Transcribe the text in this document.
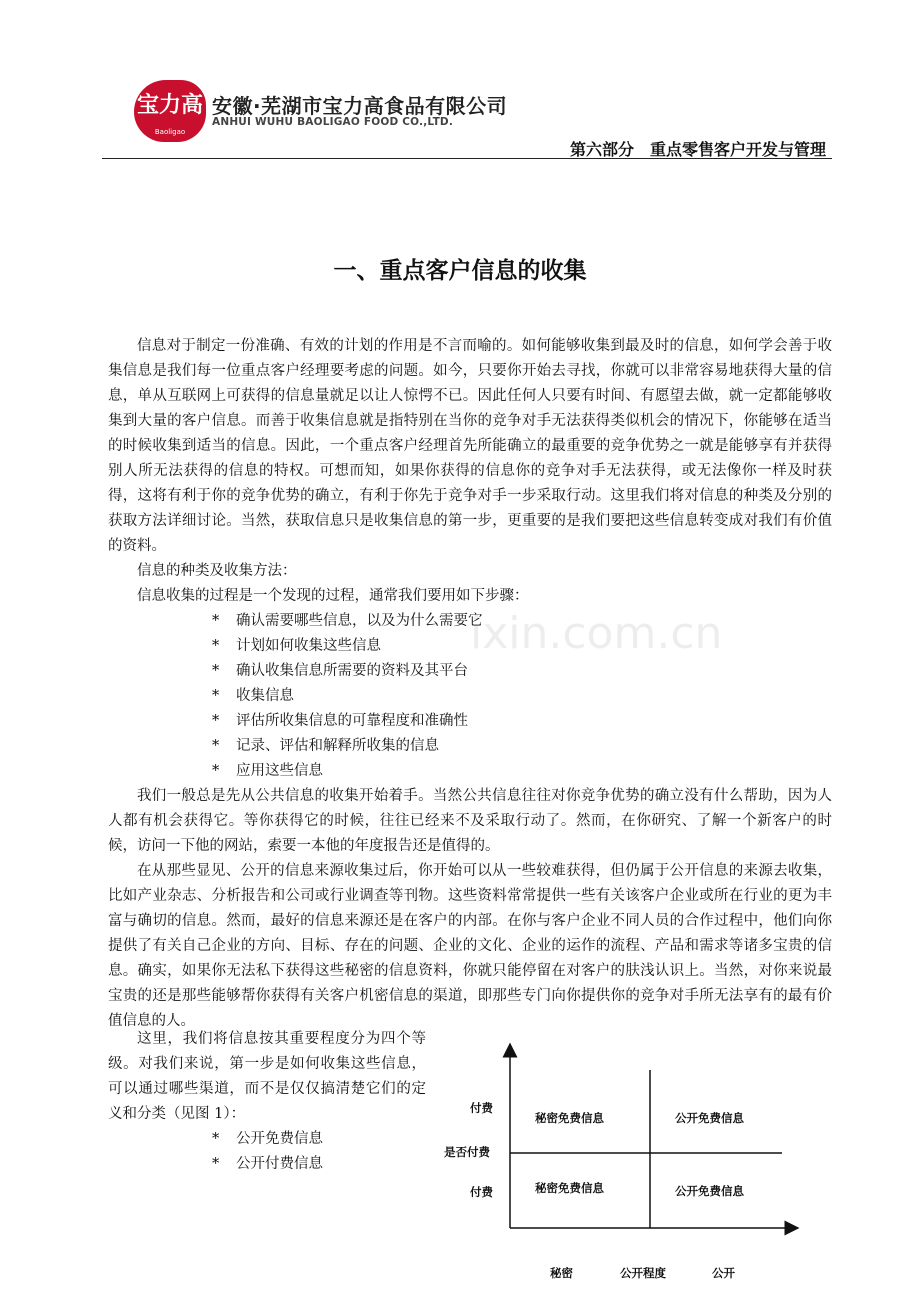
宝力高
Baoligao
安徽·芜湖市宝力高食品有限公司
ANHUI WUHU BAOLIGAO FOOD CO.,LTD.
第六部分　重点零售客户开发与管理
一、重点客户信息的收集
ixin.com.cn

信息对于制定一份准确、有效的计划的作用是不言而喻的。如何能够收集到最及时的信息，如何学会善于收集信息是我们每一位重点客户经理要考虑的问题。如今，只要你开始去寻找，你就可以非常容易地获得大量的信息，单从互联网上可获得的信息量就足以让人惊愕不已。因此任何人只要有时间、有愿望去做，就一定都能够收集到大量的客户信息。而善于收集信息就是指特别在当你的竞争对手无法获得类似机会的情况下，你能够在适当的时候收集到适当的信息。因此，一个重点客户经理首先所能确立的最重要的竞争优势之一就是能够享有并获得别人所无法获得的信息的特权。可想而知，如果你获得的信息你的竞争对手无法获得，或无法像你一样及时获得，这将有利于你的竞争优势的确立，有利于你先于竞争对手一步采取行动。这里我们将对信息的种类及分别的获取方法详细讨论。当然，获取信息只是收集信息的第一步，更重要的是我们要把这些信息转变成对我们有价值的资料。

信息的种类及收集方法：

信息收集的过程是一个发现的过程，通常我们要用如下步骤：

* 确认需要哪些信息，以及为什么需要它
* 计划如何收集这些信息
* 确认收集信息所需要的资料及其平台
* 收集信息
* 评估所收集信息的可靠程度和准确性
* 记录、评估和解释所收集的信息
* 应用这些信息

我们一般总是先从公共信息的收集开始着手。当然公共信息往往对你竞争优势的确立没有什么帮助，因为人人都有机会获得它。等你获得它的时候，往往已经来不及采取行动了。然而，在你研究、了解一个新客户的时候，访问一下他的网站，索要一本他的年度报告还是值得的。

在从那些显见、公开的信息来源收集过后，你开始可以从一些较难获得，但仍属于公开信息的来源去收集，比如产业杂志、分析报告和公司或行业调查等刊物。这些资料常常提供一些有关该客户企业或所在行业的更为丰富与确切的信息。然而，最好的信息来源还是在客户的内部。在你与客户企业不同人员的合作过程中，他们向你提供了有关自己企业的方向、目标、存在的问题、企业的文化、企业的运作的流程、产品和需求等诸多宝贵的信息。确实，如果你无法私下获得这些秘密的信息资料，你就只能停留在对客户的肤浅认识上。当然，对你来说最宝贵的还是那些能够帮你获得有关客户机密信息的渠道，即那些专门向你提供你的竞争对手所无法享有的最有价值信息的人。

这里，我们将信息按其重要程度分为四个等级。对我们来说，第一步是如何收集这些信息，可以通过哪些渠道，而不是仅仅搞清楚它们的定义和分类（见图 1）：

* 公开免费信息
* 公开付费信息
付费
是否付费
付费
秘密免费信息	公开免费信息
秘密免费信息	公开免费信息
秘密	公开程度	公开
